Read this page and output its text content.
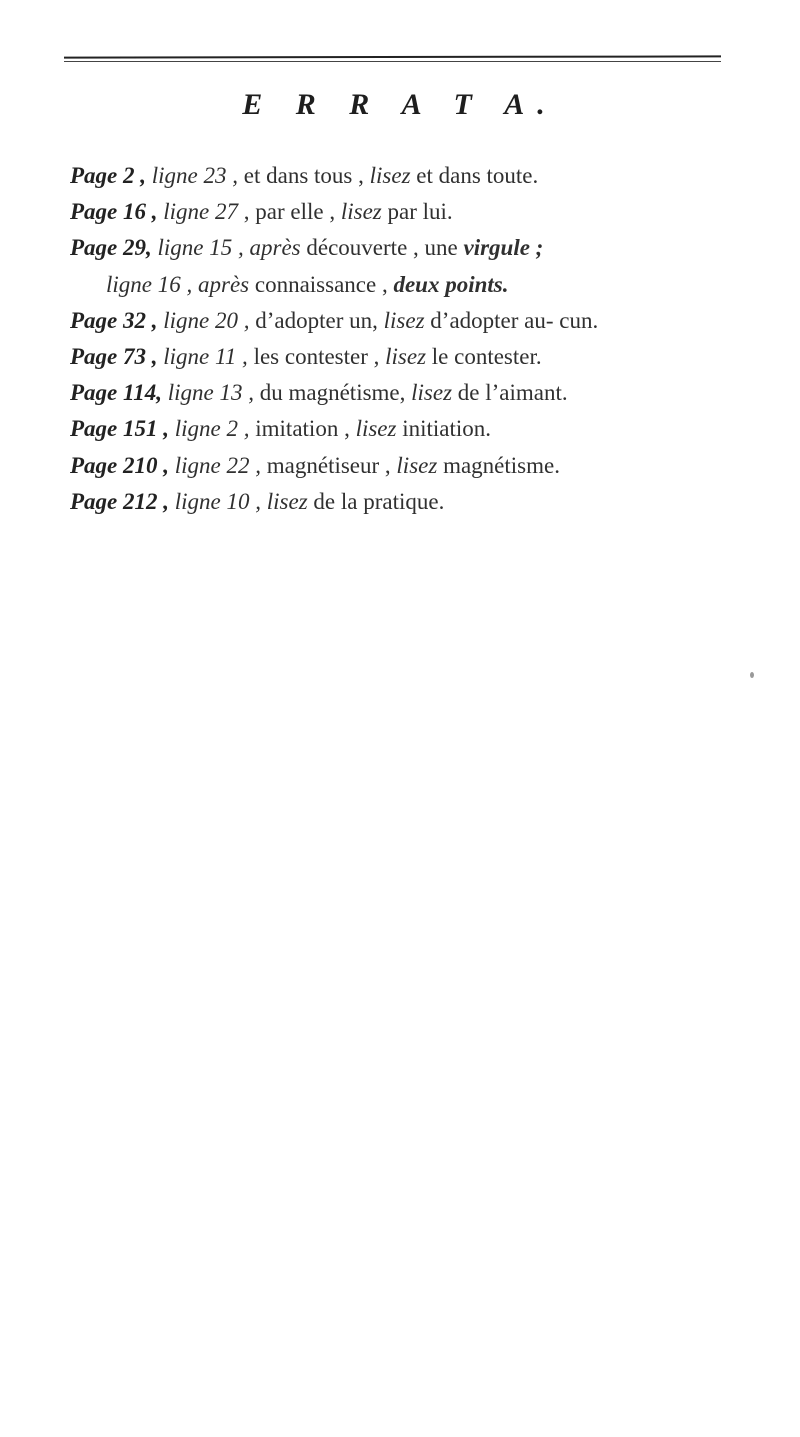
E R R A T A.
Page 2 , ligne 23 , et dans tous , lisez et dans toute.
Page 16 , ligne 27 , par elle , lisez par lui.
Page 29, ligne 15 , après découverte , une virgule ;
ligne 16 , après connaissance , deux points.
Page 32 , ligne 20 , d’adopter un, lisez d’adopter au- cun.
Page 73 , ligne 11 , les contester , lisez le contester.
Page 114, ligne 13 , du magnétisme, lisez de l’aimant.
Page 151 , ligne 2 , imitation , lisez initiation.
Page 210 , ligne 22 , magnétiseur , lisez magnétisme.
Page 212 , ligne 10 , lisez de la pratique.
